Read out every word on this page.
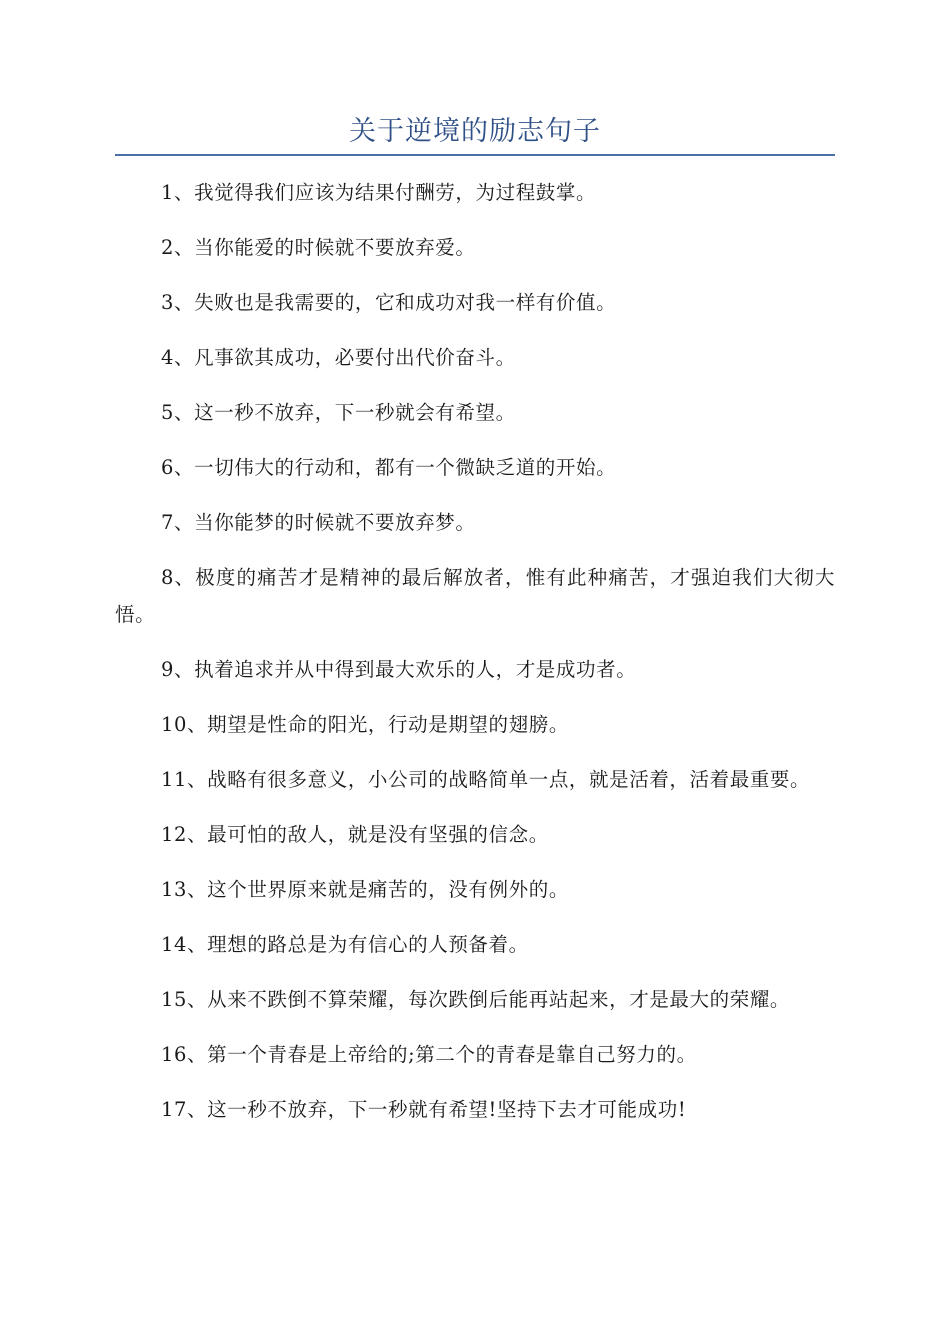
关于逆境的励志句子

1、我觉得我们应该为结果付酬劳，为过程鼓掌。

2、当你能爱的时候就不要放弃爱。

3、失败也是我需要的，它和成功对我一样有价值。

4、凡事欲其成功，必要付出代价奋斗。

5、这一秒不放弃，下一秒就会有希望。

6、一切伟大的行动和，都有一个微缺乏道的开始。

7、当你能梦的时候就不要放弃梦。

8、极度的痛苦才是精神的最后解放者，惟有此种痛苦，才强迫我们大彻大悟。

9、执着追求并从中得到最大欢乐的人，才是成功者。

10、期望是性命的阳光，行动是期望的翅膀。

11、战略有很多意义，小公司的战略简单一点，就是活着，活着最重要。

12、最可怕的敌人，就是没有坚强的信念。

13、这个世界原来就是痛苦的，没有例外的。

14、理想的路总是为有信心的人预备着。

15、从来不跌倒不算荣耀，每次跌倒后能再站起来，才是最大的荣耀。

16、第一个青春是上帝给的;第二个的青春是靠自己努力的。

17、这一秒不放弃，下一秒就有希望!坚持下去才可能成功!
